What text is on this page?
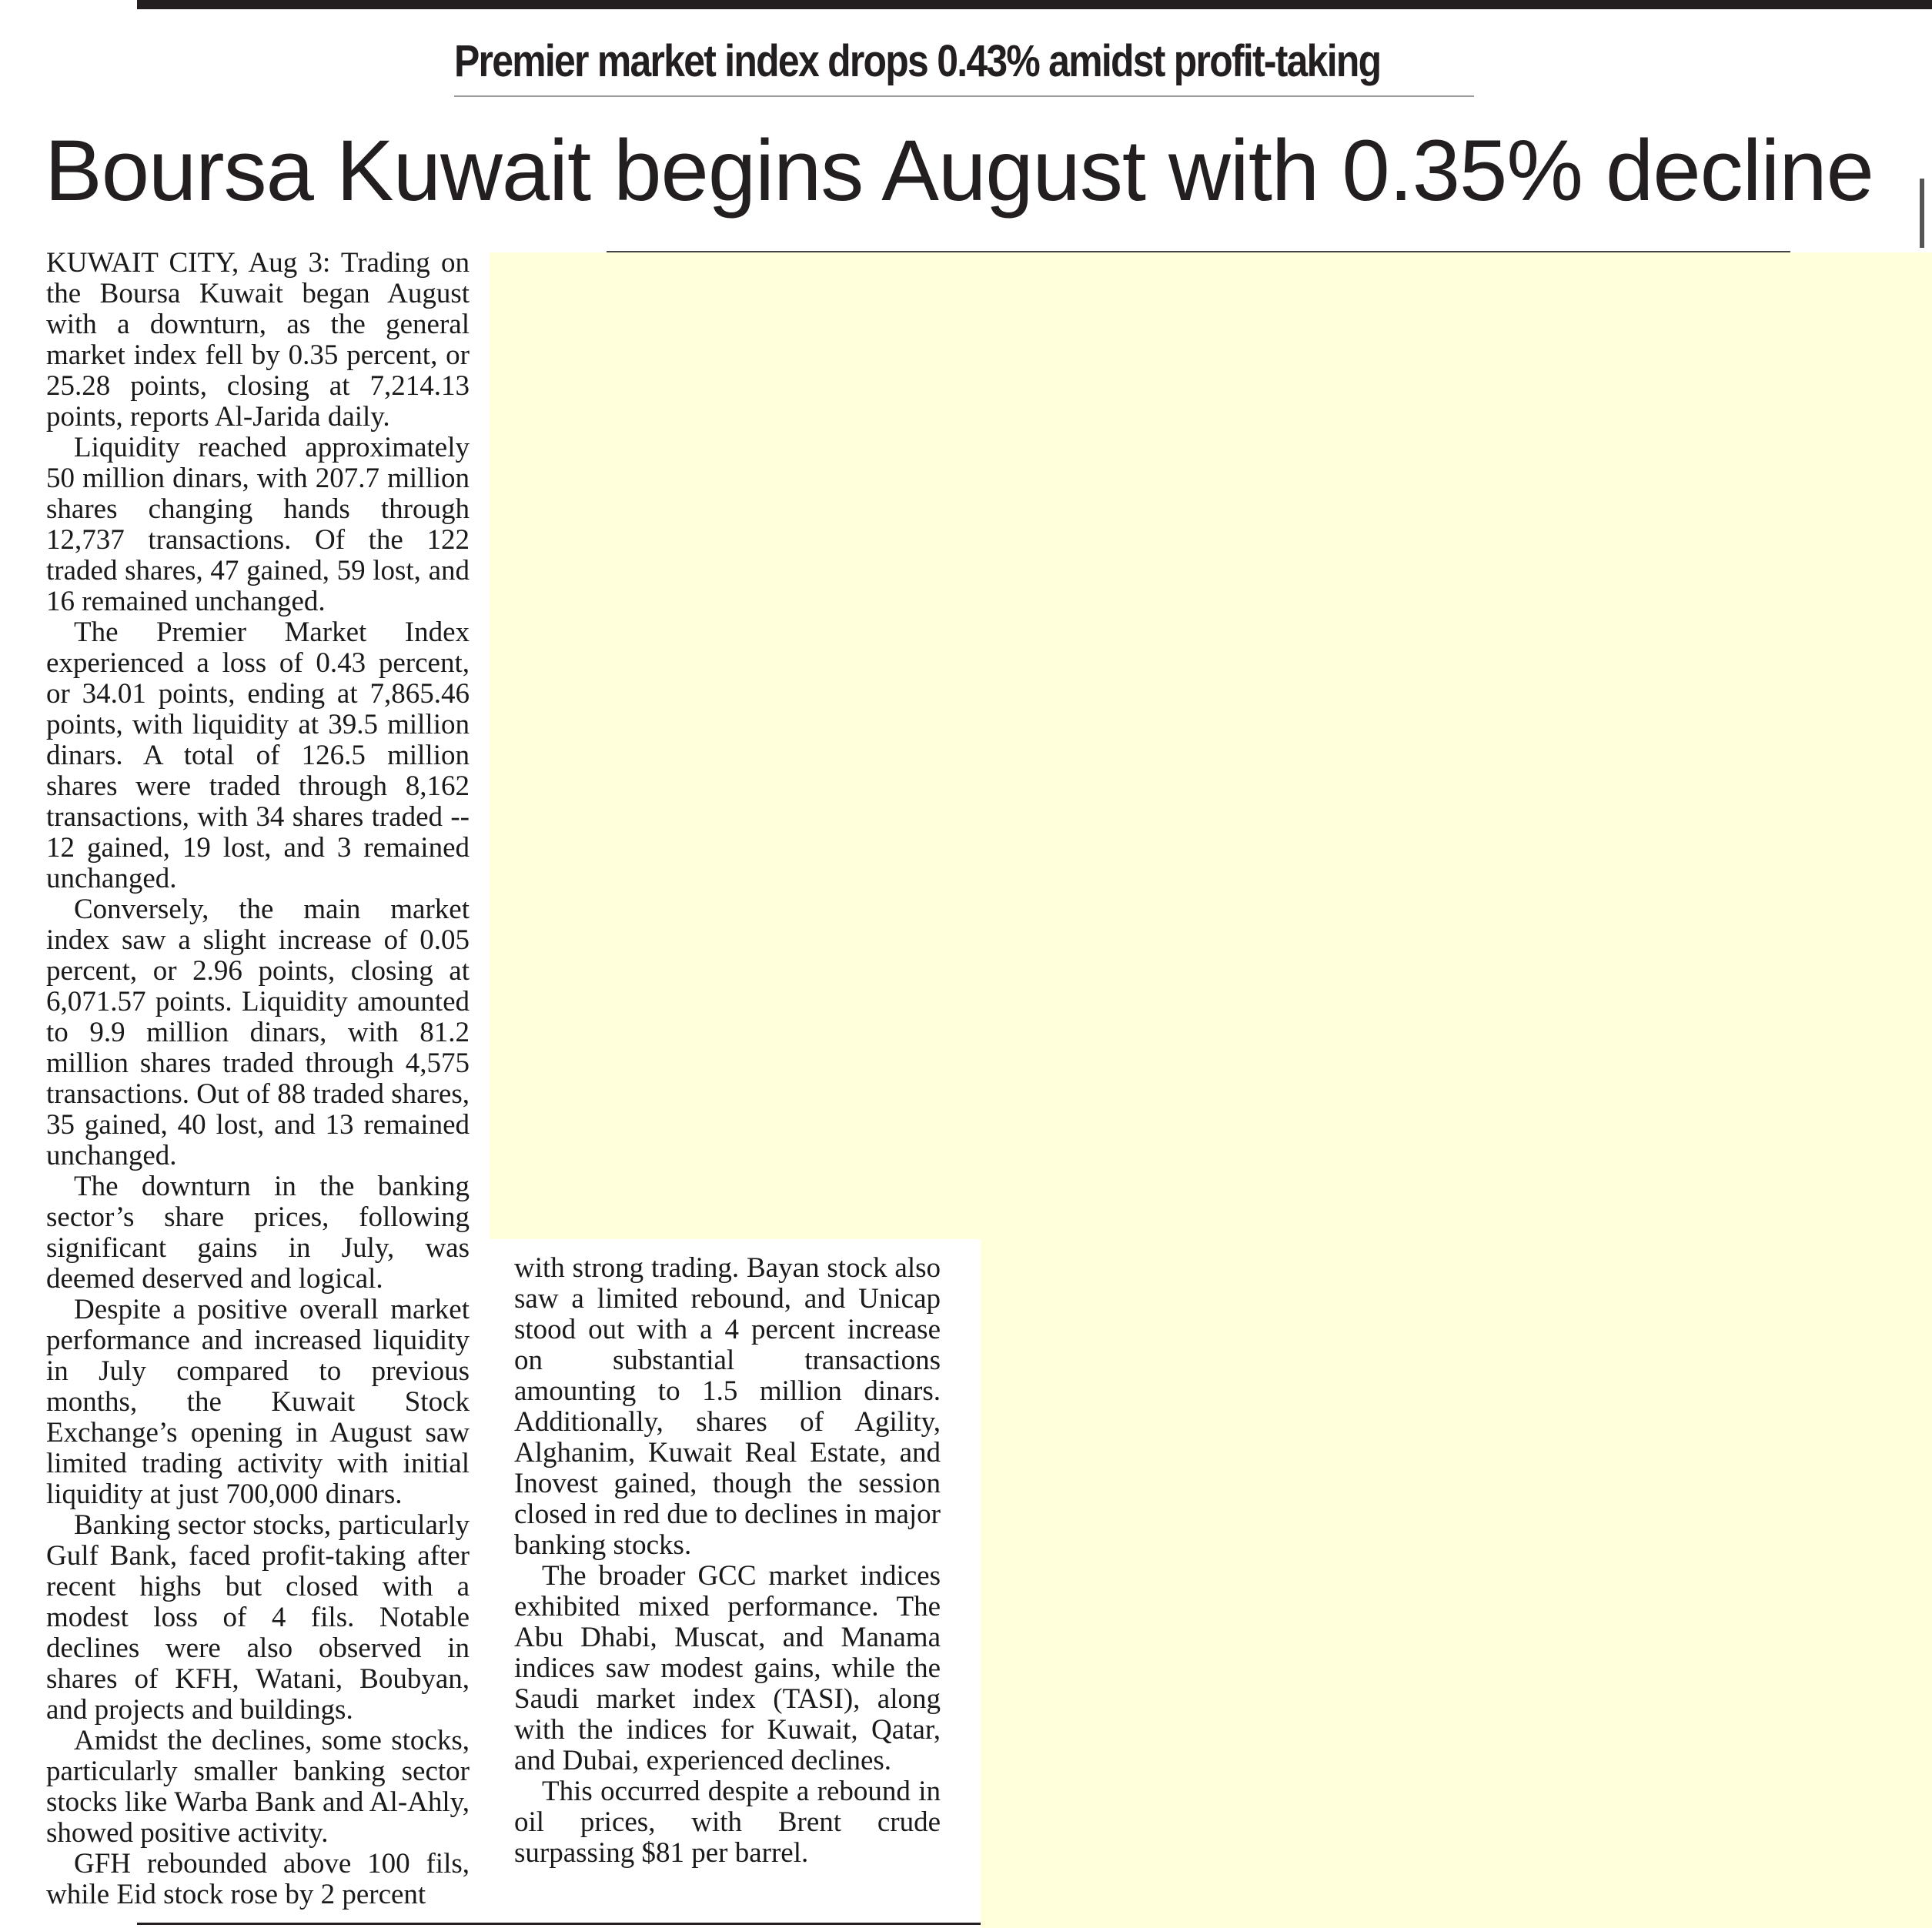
Premier market index drops 0.43% amidst profit-taking
Boursa Kuwait begins August with 0.35% decline

KUWAIT CITY, Aug 3: Trading on the Boursa Kuwait began August with a downturn, as the general market index fell by 0.35 percent, or 25.28 points, closing at 7,214.13 points, reports Al-Jarida daily.

Liquidity reached approximately 50 million dinars, with 207.7 million shares changing hands through 12,737 transactions. Of the 122 traded shares, 47 gained, 59 lost, and 16 remained unchanged.

The Premier Market Index experienced a loss of 0.43 percent, or 34.01 points, ending at 7,865.46 points, with liquidity at 39.5 million dinars. A total of 126.5 million shares were traded through 8,162 transactions, with 34 shares traded -- 12 gained, 19 lost, and 3 remained unchanged.

Conversely, the main market index saw a slight increase of 0.05 percent, or 2.96 points, closing at 6,071.57 points. Liquidity amounted to 9.9 million dinars, with 81.2 million shares traded through 4,575 transactions. Out of 88 traded shares, 35 gained, 40 lost, and 13 remained unchanged.

The downturn in the banking sector’s share prices, following significant gains in July, was deemed deserved and logical.

Despite a positive overall market performance and increased liquidity in July compared to previous months, the Kuwait Stock Exchange’s opening in August saw limited trading activity with initial liquidity at just 700,000 dinars.

Banking sector stocks, particularly Gulf Bank, faced profit-taking after recent highs but closed with a modest loss of 4 fils. Notable declines were also observed in shares of KFH, Watani, Boubyan, and projects and buildings.

Amidst the declines, some stocks, particularly smaller banking sector stocks like Warba Bank and Al-Ahly, showed positive activity.

GFH rebounded above 100 fils, while Eid stock rose by 2 percent

with strong trading. Bayan stock also saw a limited rebound, and Unicap stood out with a 4 percent increase on substantial transactions amounting to 1.5 million dinars. Additionally, shares of Agility, Alghanim, Kuwait Real Estate, and Inovest gained, though the session closed in red due to declines in major banking stocks.

The broader GCC market indices exhibited mixed performance. The Abu Dhabi, Muscat, and Manama indices saw modest gains, while the Saudi market index (TASI), along with the indices for Kuwait, Qatar, and Dubai, experienced declines.

This occurred despite a rebound in oil prices, with Brent crude surpassing $81 per barrel.
